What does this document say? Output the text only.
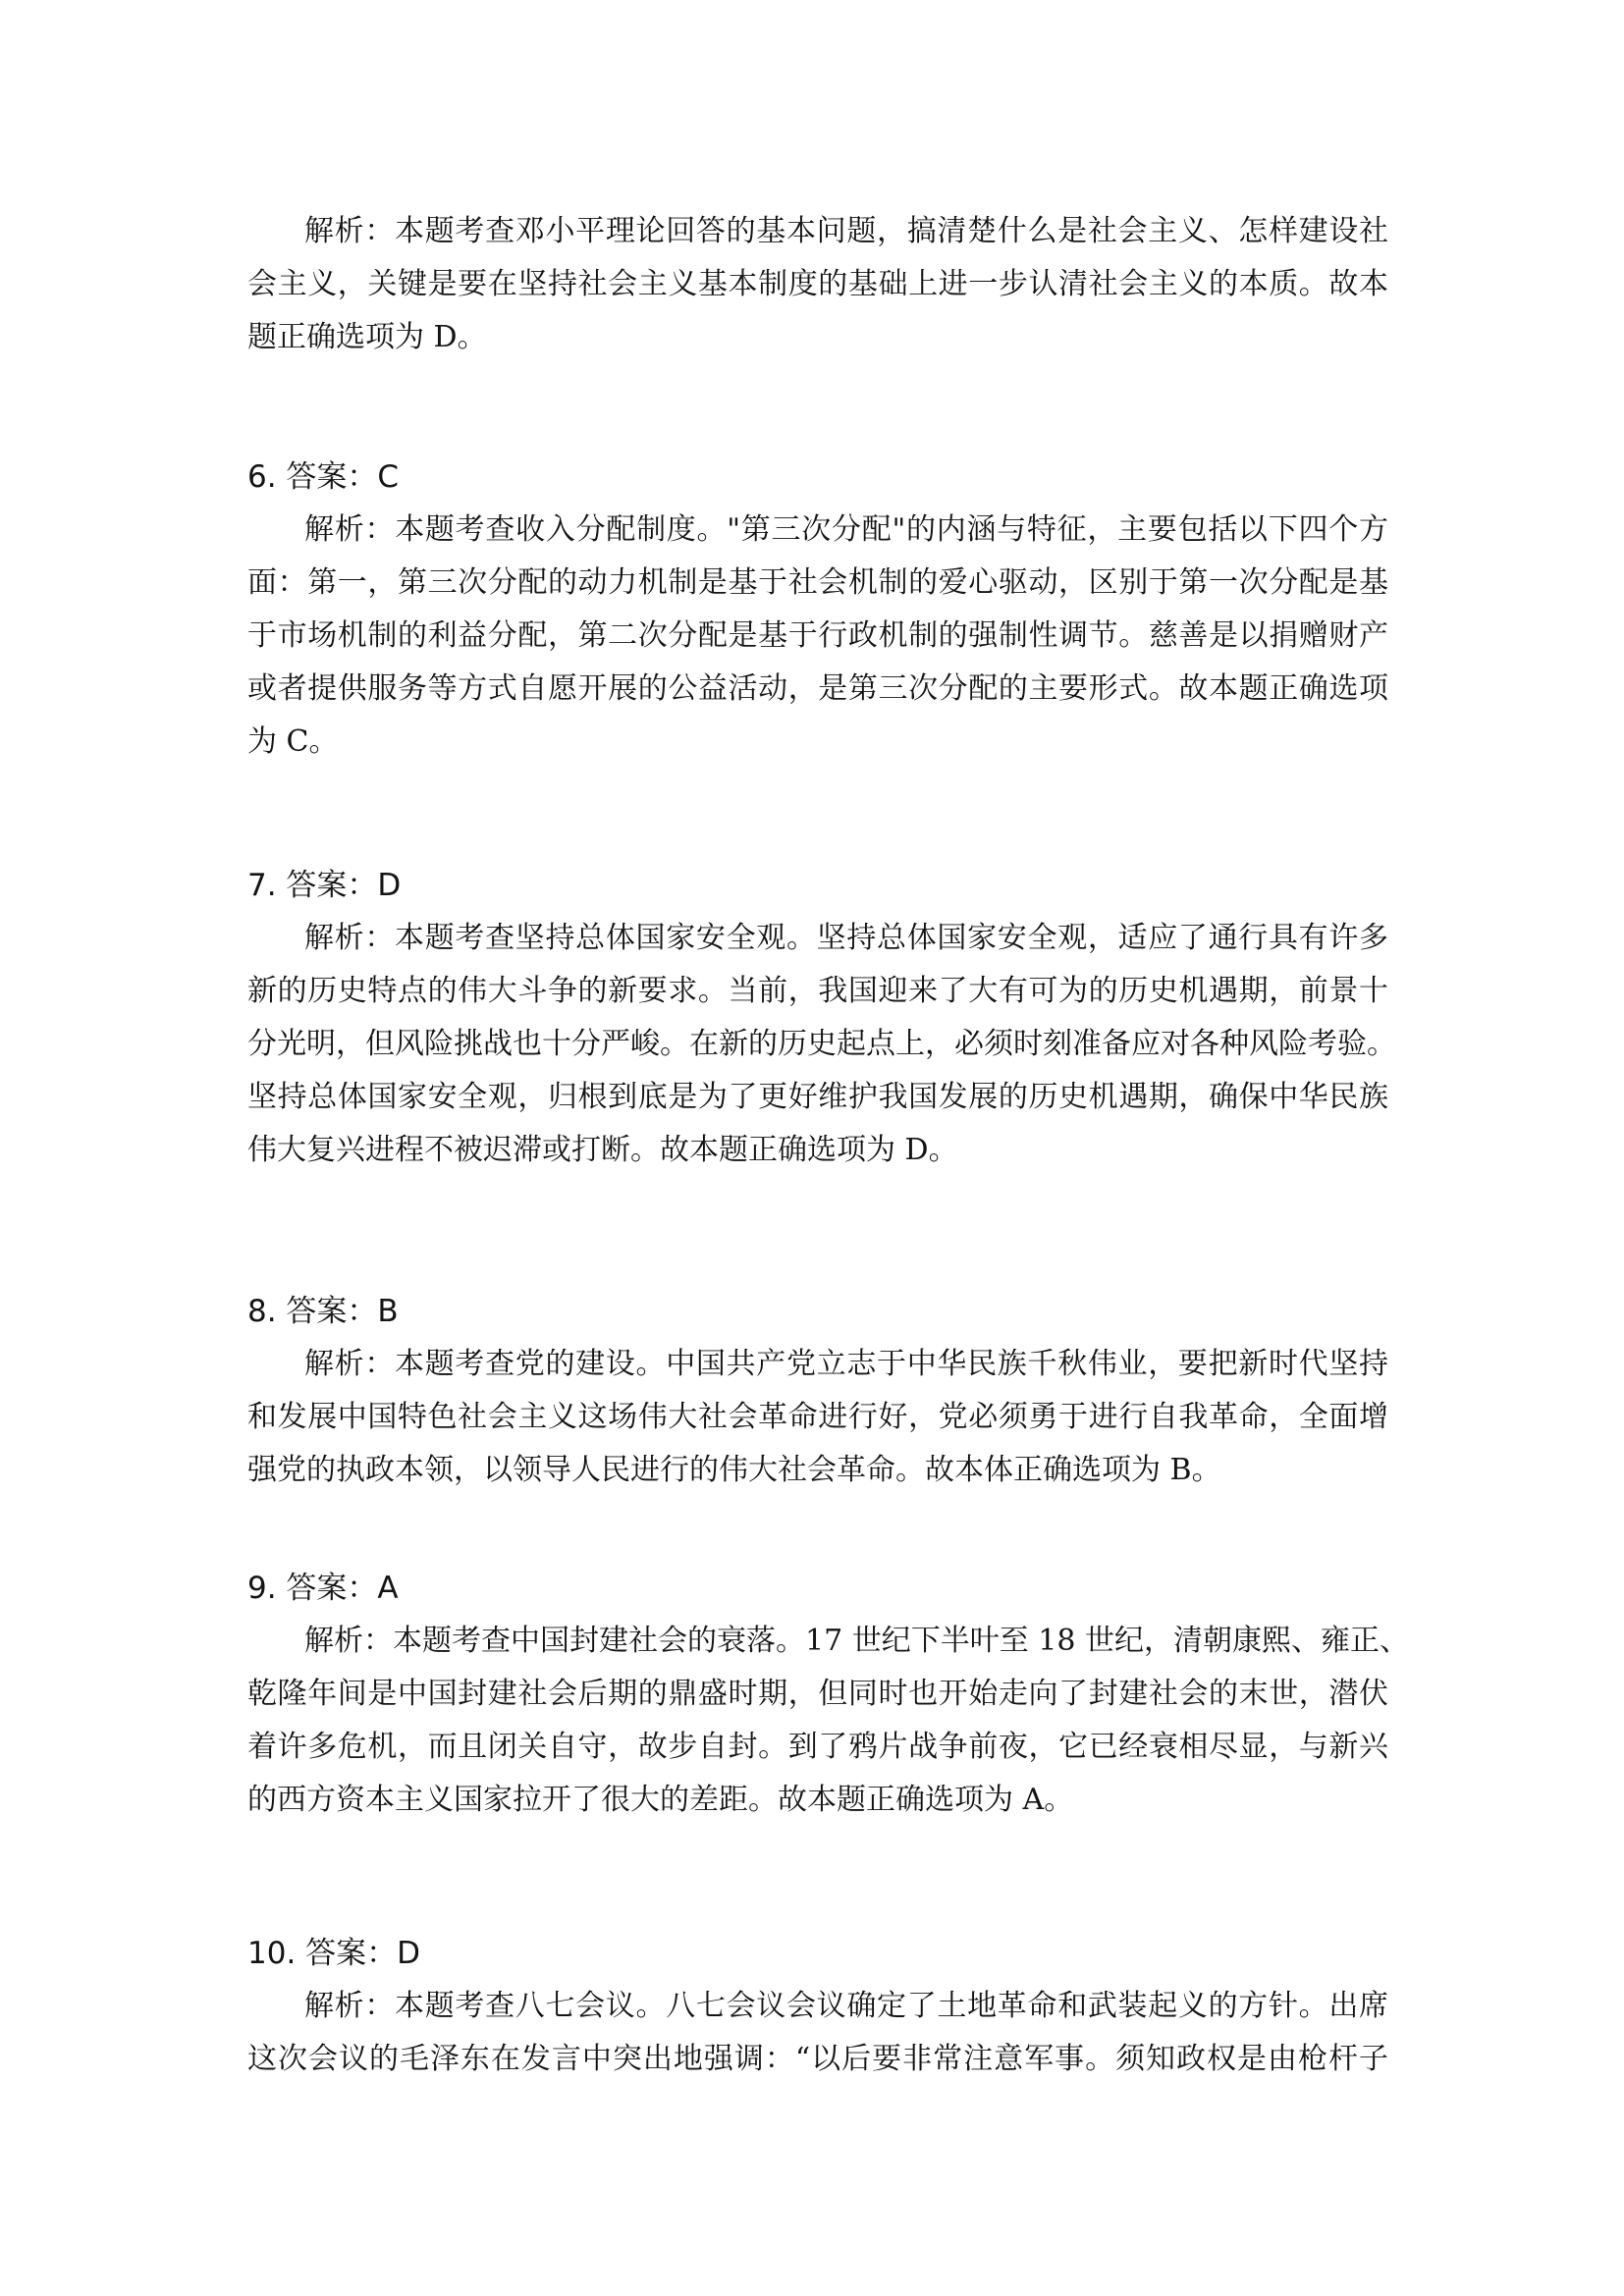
解析：本题考查邓小平理论回答的基本问题，搞清楚什么是社会主义、怎样建设社
会主义，关键是要在坚持社会主义基本制度的基础上进一步认清社会主义的本质。故本
题正确选项为 D。
6. 答案：C
解析：本题考查收入分配制度。"第三次分配"的内涵与特征，主要包括以下四个方
面：第一，第三次分配的动力机制是基于社会机制的爱心驱动，区别于第一次分配是基
于市场机制的利益分配，第二次分配是基于行政机制的强制性调节。慈善是以捐赠财产
或者提供服务等方式自愿开展的公益活动，是第三次分配的主要形式。故本题正确选项
为 C。
7. 答案：D
解析：本题考查坚持总体国家安全观。坚持总体国家安全观，适应了通行具有许多
新的历史特点的伟大斗争的新要求。当前，我国迎来了大有可为的历史机遇期，前景十
分光明，但风险挑战也十分严峻。在新的历史起点上，必须时刻准备应对各种风险考验。
坚持总体国家安全观，归根到底是为了更好维护我国发展的历史机遇期，确保中华民族
伟大复兴进程不被迟滞或打断。故本题正确选项为 D。
8. 答案：B
解析：本题考查党的建设。中国共产党立志于中华民族千秋伟业，要把新时代坚持
和发展中国特色社会主义这场伟大社会革命进行好，党必须勇于进行自我革命，全面增
强党的执政本领，以领导人民进行的伟大社会革命。故本体正确选项为 B。
9. 答案：A
解析：本题考查中国封建社会的衰落。17 世纪下半叶至 18 世纪，清朝康熙、雍正、
乾隆年间是中国封建社会后期的鼎盛时期，但同时也开始走向了封建社会的末世，潜伏
着许多危机，而且闭关自守，故步自封。到了鸦片战争前夜，它已经衰相尽显，与新兴
的西方资本主义国家拉开了很大的差距。故本题正确选项为 A。
10. 答案：D
解析：本题考查八七会议。八七会议会议确定了土地革命和武装起义的方针。出席
这次会议的毛泽东在发言中突出地强调：“以后要非常注意军事。须知政权是由枪杆子
